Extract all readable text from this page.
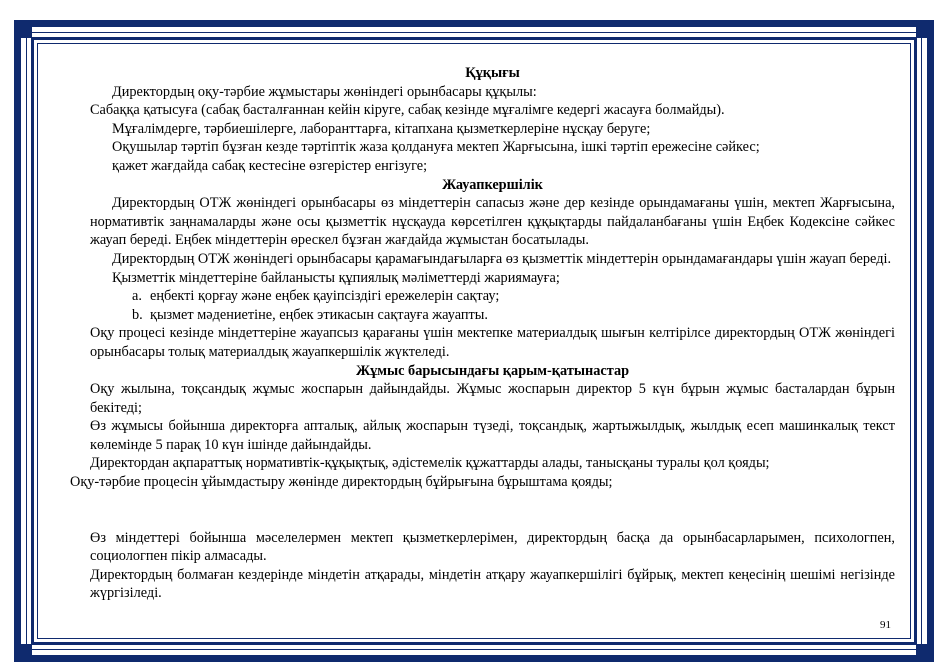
Құқығы
Директордың оқу-тәрбие жұмыстары жөніндегі орынбасары құқылы:
Сабаққа қатысуға (сабақ басталғаннан кейін кіруге, сабақ кезінде мұғалімге кедергі жасауға болмайды).
Мұғалімдерге, тәрбиешілерге, лаборанттарға, кітапхана қызметкерлеріне нұсқау беруге;
Оқушылар тәртіп бұзған кезде тәртіптік жаза қолдануға мектеп Жарғысына, ішкі тәртіп ережесіне сәйкес;
қажет жағдайда сабақ кестесіне өзгерістер енгізуге;
Жауапкершілік
Директордың ОТЖ жөніндегі орынбасары өз міндеттерін сапасыз және дер кезінде орындамағаны үшін, мектеп Жарғысына, нормативтік заңнамаларды және осы қызметтік нұсқауда көрсетілген құқықтарды пайдаланбағаны үшін Еңбек Кодексіне сәйкес жауап береді. Еңбек міндеттерін өрескел бұзған жағдайда жұмыстан босатылады.
Директордың ОТЖ жөніндегі орынбасары қарамағындағыларға өз қызметтік міндеттерін орындамағандары үшін жауап береді.
Қызметтік міндеттеріне байланысты құпиялық мәліметтерді жариямауға;
a. еңбекті қорғау және еңбек қауіпсіздігі ережелерін сақтау;
b. қызмет мәдениетіне, еңбек этикасын сақтауға жауапты.
Оқу процесі кезінде міндеттеріне жауапсыз қарағаны үшін мектепке материалдық шығын келтірілсе директордың ОТЖ жөніндегі орынбасары толық материалдық жауапкершілік жүктеледі.
Жұмыс барысындағы қарым-қатынастар
Оқу жылына, тоқсандық жұмыс жоспарын дайындайды. Жұмыс жоспарын директор 5 күн бұрын жұмыс басталардан бұрын бекітеді;
Өз жұмысы бойынша директорға апталық, айлық жоспарын түзеді, тоқсандық, жартыжылдық, жылдық есеп машинкалық текст көлемінде 5 парақ 10 күн ішінде дайындайды.
Директордан ақпараттық нормативтік-құқықтық, әдістемелік құжаттарды алады, танысқаны туралы қол қояды;
Оқу-тәрбие процесін ұйымдастыру жөнінде директордың бұйрығына бұрыштама қояды;
Өз міндеттері бойынша мәселелермен мектеп қызметкерлерімен, директордың басқа да орынбасарларымен, психологпен, социологпен пікір алмасады.
Директордың болмаған кездерінде міндетін атқарады, міндетін атқару жауапкершілігі бұйрық, мектеп кеңесінің шешімі негізінде жүргізіледі.
91
